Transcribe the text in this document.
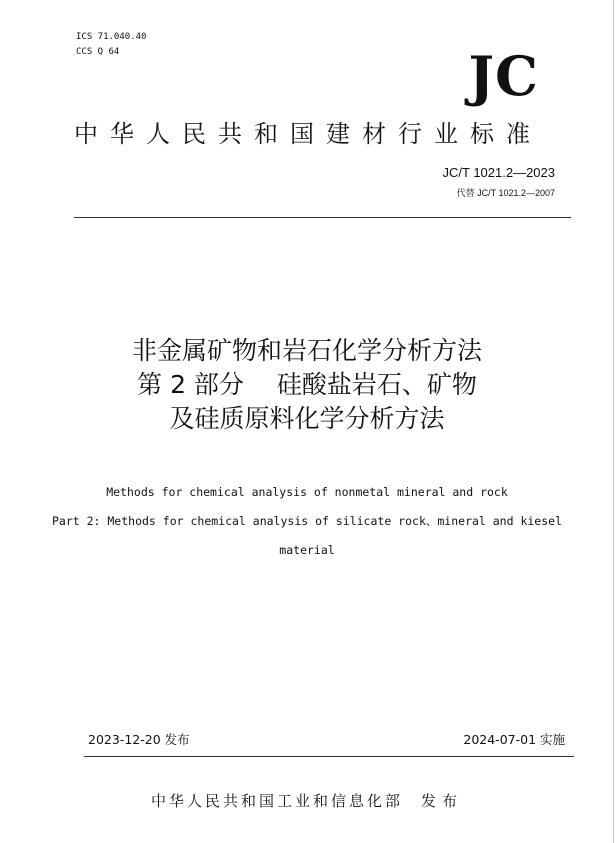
ICS 71.040.40
CCS Q 64	JC
中华人民共和国建材行业标准
JC/T 1021.2—2023
代替 JC/T 1021.2—2007
非金属矿物和岩石化学分析方法
第 2 部分　 硅酸盐岩石、矿物
及硅质原料化学分析方法
Methods for chemical analysis of nonmetal mineral and rock
Part 2: Methods for chemical analysis of silicate rock、mineral and kiesel
material
2023-12-20 发布	2024-07-01 实施
中华人民共和国工业和信息化部 发布
